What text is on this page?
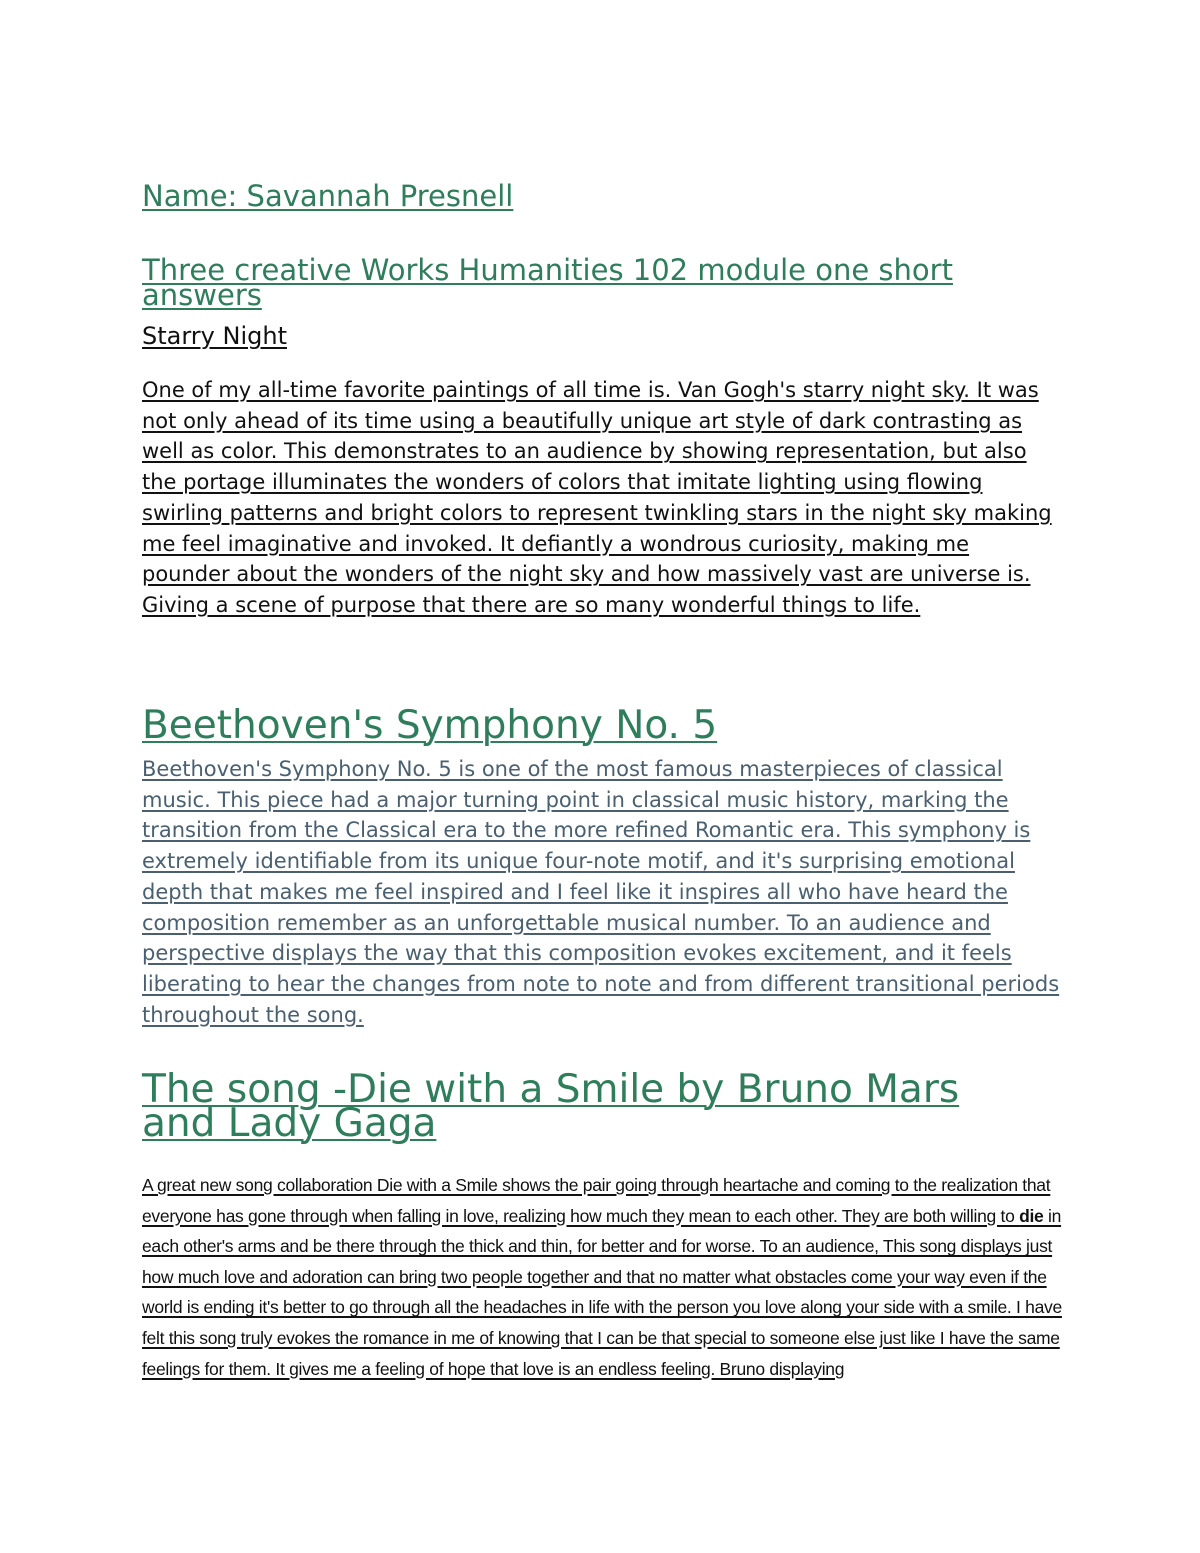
Name: Savannah Presnell
Three creative Works Humanities 102 module one short answers
Starry Night
One of my all-time favorite paintings of all time is. Van Gogh's starry night sky. It was not only ahead of its time using a beautifully unique art style of dark contrasting as well as color. This demonstrates to an audience by showing representation, but also the portage illuminates the wonders of colors that imitate lighting using flowing swirling patterns and bright colors to represent twinkling stars in the night sky making me feel imaginative and invoked. It defiantly a wondrous curiosity, making me pounder about the wonders of the night sky and how massively vast are universe is. Giving a scene of purpose that there are so many wonderful things to life.
Beethoven's Symphony No. 5
Beethoven's Symphony No. 5 is one of the most famous masterpieces of classical music. This piece had a major turning point in classical music history, marking the transition from the Classical era to the more refined Romantic era. This symphony is extremely identifiable from its unique four-note motif, and it's surprising emotional depth that makes me feel inspired and I feel like it inspires all who have heard the composition remember as an unforgettable musical number. To an audience and perspective displays the way that this composition evokes excitement, and it feels liberating to hear the changes from note to note and from different transitional periods throughout the song.
The song -Die with a Smile by Bruno Mars and Lady Gaga
A great new song collaboration Die with a Smile shows the pair going through heartache and coming to the realization that everyone has gone through when falling in love, realizing how much they mean to each other. They are both willing to die in each other's arms and be there through the thick and thin, for better and for worse. To an audience, This song displays just how much love and adoration can bring two people together and that no matter what obstacles come your way even if the world is ending it's better to go through all the headaches in life with the person you love along your side with a smile. I have felt this song truly evokes the romance in me of knowing that I can be that special to someone else just like I have the same feelings for them. It gives me a feeling of hope that love is an endless feeling. Bruno displaying
